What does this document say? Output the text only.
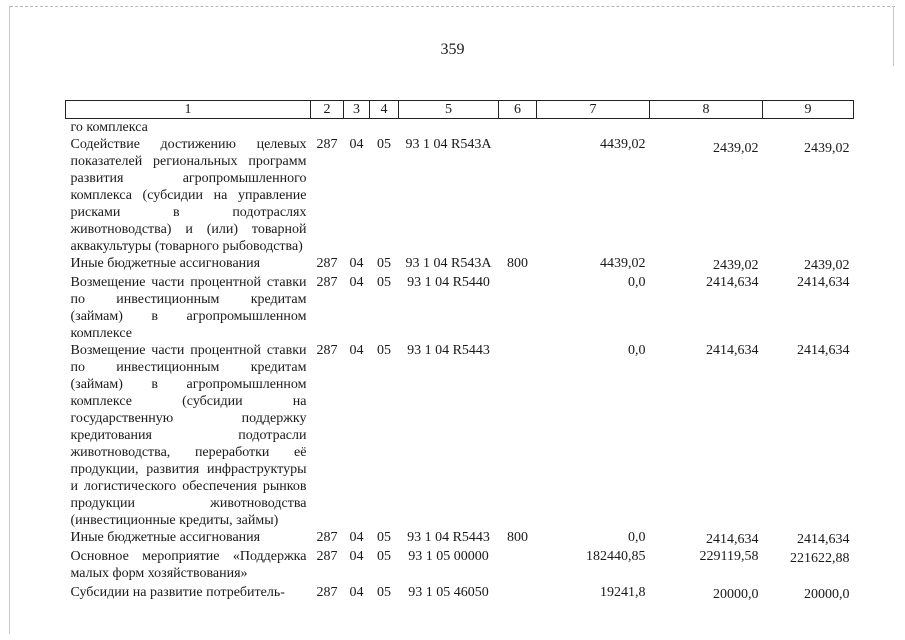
359
1	2	3	4	5	6	7	8	9
го комплекса								
Содействие достижению целевых показателей региональных программ развития агропромышленного комплекса (субсидии на управление рисками в подотраслях животноводства) и (или) товарной аквакультуры (товарного рыбоводства)	287	04	05	93 1 04 R543A		4439,02	2439,02	2439,02
Иные бюджетные ассигнования	287	04	05	93 1 04 R543A	800	4439,02	2439,02	2439,02
Возмещение части процентной ставки по инвестиционным кредитам (займам) в агропромышленном комплексе	287	04	05	93 1 04 R5440		0,0	2414,634	2414,634
Возмещение части процентной ставки по инвестиционным кредитам (займам) в агропромышленном комплексе (субсидии на государственную поддержку кредитования подотрасли животноводства, переработки её продукции, развития инфраструктуры и логистического обеспечения рынков продукции животноводства (инвестиционные кредиты, займы)	287	04	05	93 1 04 R5443		0,0	2414,634	2414,634
Иные бюджетные ассигнования	287	04	05	93 1 04 R5443	800	0,0	2414,634	2414,634
Основное мероприятие «Поддержка малых форм хозяйствования»	287	04	05	93 1 05 00000		182440,85	229119,58	221622,88
Субсидии на развитие потребитель-	287	04	05	93 1 05 46050		19241,8	20000,0	20000,0
